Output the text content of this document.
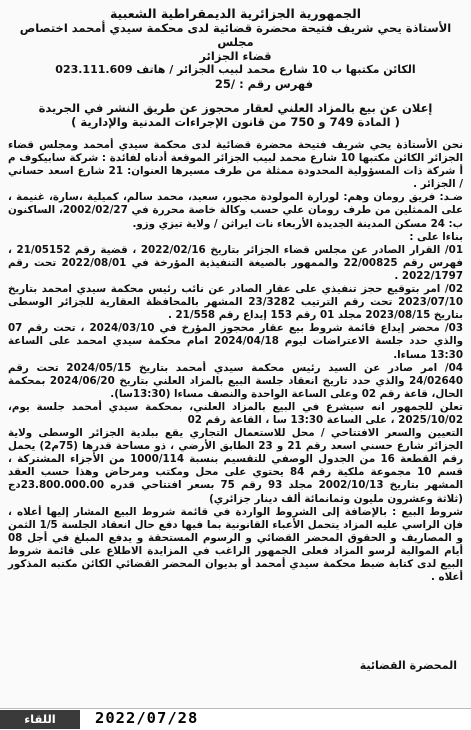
الجمهورية الجزائرية الديمقراطية الشعبية
الأستاذة يحي شريف فتيحة محضرة قضائية لدى محكمة سيدي أمحمد اختصاص مجلس
قضاء الجزائر
الكائن مكتبها ب 10 شارع محمد لبيب الجزائر / هاتف 023.111.609
فهرس رقم : /25
إعلان عن بيع بالمزاد العلني لعقار محجوز عن طريق النشر في الجريدة
( المادة 749 و 750 من قانون الإجراءات المدنية والإدارية )

نحن الأستاذة يحي شريف فتيحة محضرة قضائية لدى محكمة سيدي أمحمد ومجلس قضاء الجزائر الكائن مكتبها 10 شارع محمد لبيب الجزائر الموقعة أدناه لفائدة : شركة سابيكوف م أ شركة ذات المسؤولية المحدودة ممثلة من طرف مسيرها العنوان: 21 شارع اسعد حساني / الجزائر .

ضـد: فريق رومان وهم: لورارة المولودة مجبور، سعيد، محمد سالم، كميلية ،سارة، غنيمة ، على الممثلين من طرف رومان علي حسب وكالة خاصة محررة في 2002/02/27، الساكنون ب: 24 مسكن المدينة الجديدة الأربعاء نات ايراثن / ولاية تيزي وزو.

بناءا على :

01/ القرار الصادر عن مجلس قضاء الجزائر بتاريخ 2022/02/16 ، قضية رقم 21/05152 ، فهرس رقم 22/00825 والممهور بالصيغة التنفيذية المؤرخة في 2022/08/01 تحت رقم 2022/1797 .

02/ امر بتوقيع حجز تنفيذي على عقار الصادر عن نائب رئيس محكمة سيدي امحمد بتاريخ 2023/07/10 تحت رقم الترتيب 23/3282 المشهر بالمحافظة العقارية للجزائر الوسطى بتاريخ 2023/08/15 مجلد 01 رقم 153 إيداع رقم 21/558 .

03/ محضر إيداع قائمة شروط بيع عقار محجوز المؤرخ في 2024/03/10 ، تحت رقم 07 والذي حدد جلسة الاعتراضات ليوم 2024/04/18 امام محكمة سيدي امحمد على الساعة 13:30 مساءا.

04/ امر صادر عن السيد رئيس محكمة سيدي أمحمد بتاريخ 2024/05/15 تحت رقم 24/02640 والذي حدد تاريخ انعقاد جلسة البيع بالمزاد العلني بتاريخ 2024/06/20 بمحكمة الحال، قاعة رقم 02 وعلى الساعة الواحدة والنصف مساءا (13:30سا).

تعلن للجمهور انه سيشرع في البيع بالمزاد العلني، بمحكمة سيدي أمحمد جلسة يوم، 2025/10/02 ، على الساعة 13:30 سا ، القاعة رقم 02

التعيين والسعر الافتتاحي / محل للاستعمال التجاري يقع ببلدية الجزائر الوسطى ولاية الجزائر شارع حسني اسعد رقم 21 و 23 الطابق الأرضي ، ذو مساحة قدرها (75م2) يحمل رقم القطعة 16 من الجدول الوصفي للتقسيم بنسبة 1000/114 من الأجزاء المشتركة ، قسم 10 مجموعة ملكية رقم 84 يحتوي على محل ومكتب ومرحاض وهذا حسب العقد المشهر بتاريخ 2002/10/13 مجلد 93 رقم 75 بسعر افتتاحي قدره 23.800.000.00دج (ثلاثة وعشرون مليون وثمانمائة ألف دينار جزائري)

شروط البيع : بالإضافة إلى الشروط الواردة في قائمة شروط البيع المشار إليها أعلاه ، فإن الراسي عليه المزاد يتحمل الأعباء القانونية بما فيها دفع حال انعقاد الجلسة 1/5 الثمن و المصاريف و الحقوق المحضر القضائي و الرسوم المستحقة و يدفع المبلغ في أجل 08 أيام الموالية لرسو المزاد فعلى الجمهور الراغب في المزايدة الاطلاع على قائمة شروط البيع لدى كتابة ضبط محكمة سيدي أمحمد أو بديوان المحضر القضائي الكائن مكتبه المذكور أعلاه .

المحضرة القضائية
اللقاء	2022/07/28
